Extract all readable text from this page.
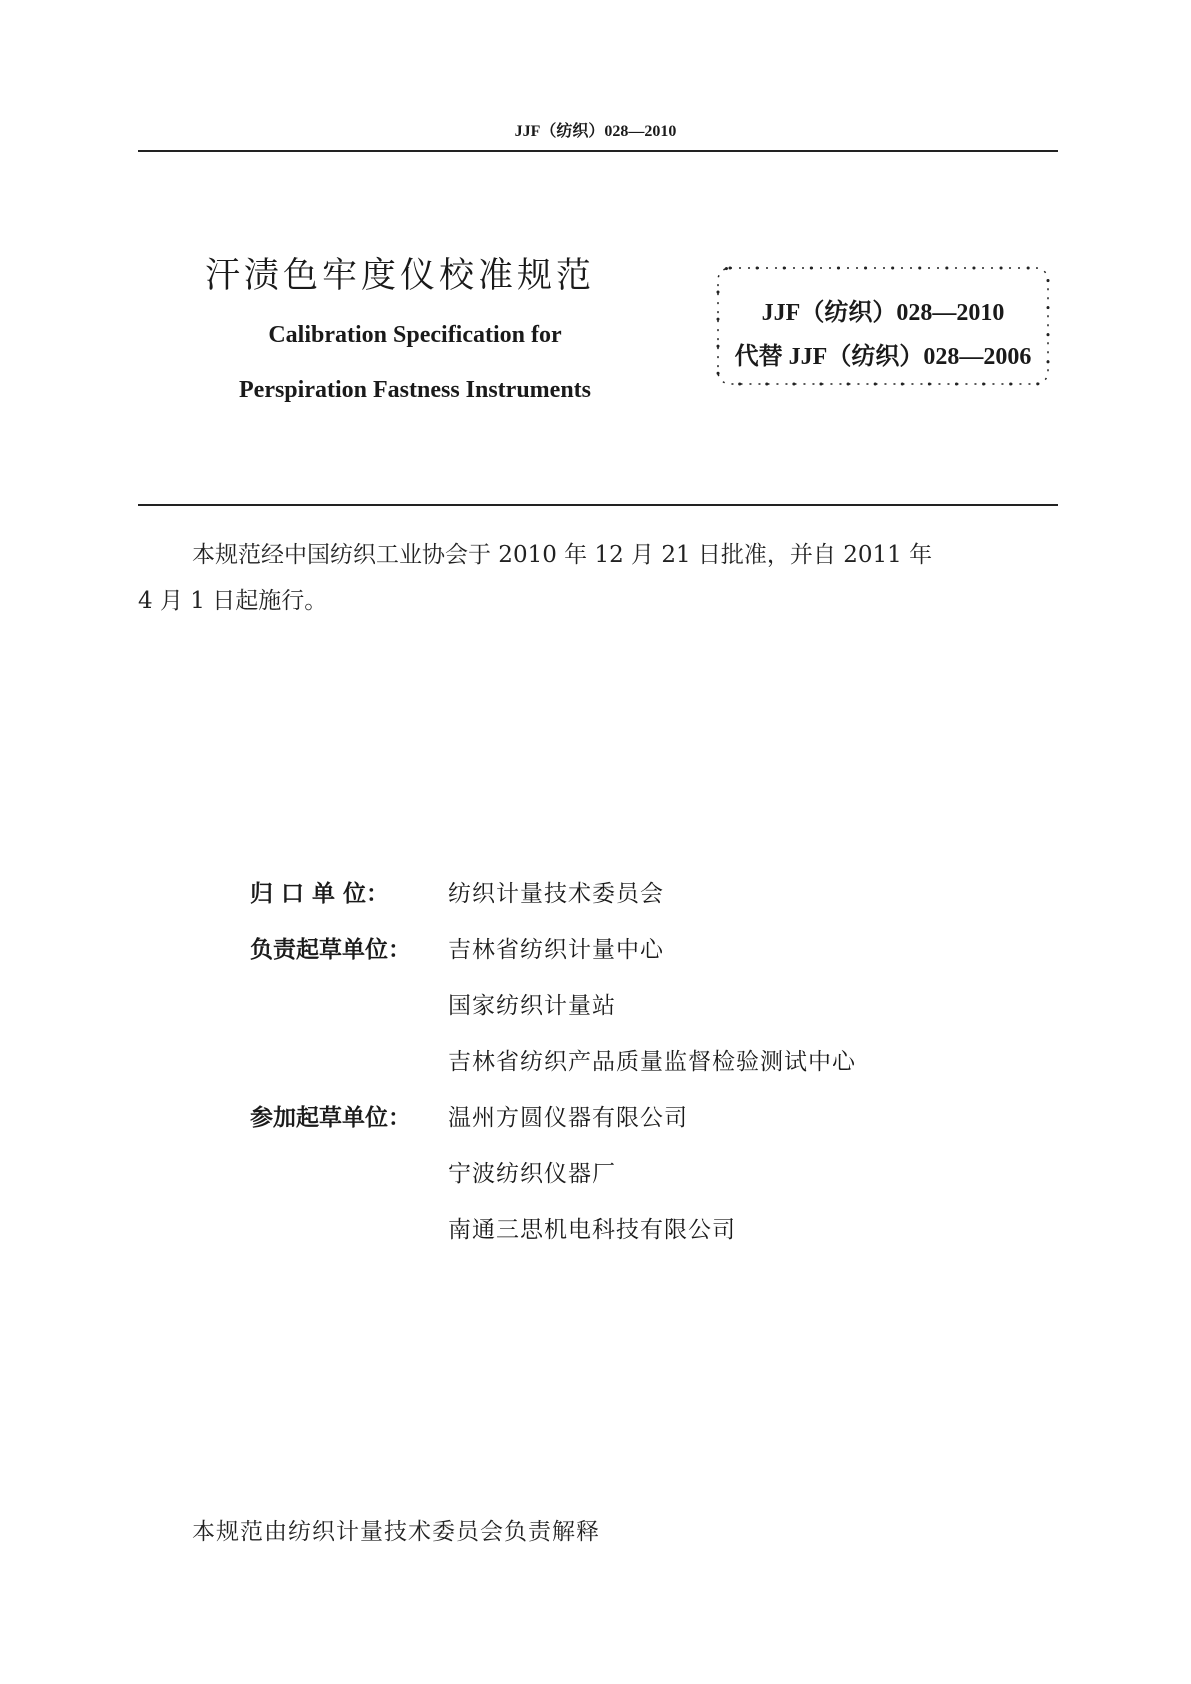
JJF（纺织）028—2010
汗渍色牢度仪校准规范
Calibration Specification for
Perspiration Fastness Instruments
JJF（纺织）028—2010
代替 JJF（纺织）028—2006
本规范经中国纺织工业协会于 2010 年 12 月 21 日批准，并自 2011 年
4 月 1 日起施行。
归 口 单 位：	纺织计量技术委员会
负责起草单位：	吉林省纺织计量中心
国家纺织计量站
吉林省纺织产品质量监督检验测试中心
参加起草单位：	温州方圆仪器有限公司
宁波纺织仪器厂
南通三思机电科技有限公司
本规范由纺织计量技术委员会负责解释
